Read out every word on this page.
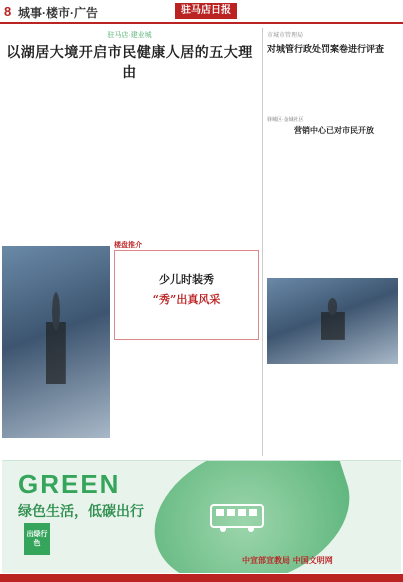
8 城事·楼市·广告	驻马店日报
驻马店·建业城
以湖居大境开启市民健康人居的五大理由
楼盘推介
少儿时装秀
“秀”出真风采
市城市管理局
对城管行政处罚案卷进行评查
驿城区·金域社区
营销中心已对市民开放
GREEN
绿色生活，低碳出行
出绿行色
中宣部宣教局 中国文明网
